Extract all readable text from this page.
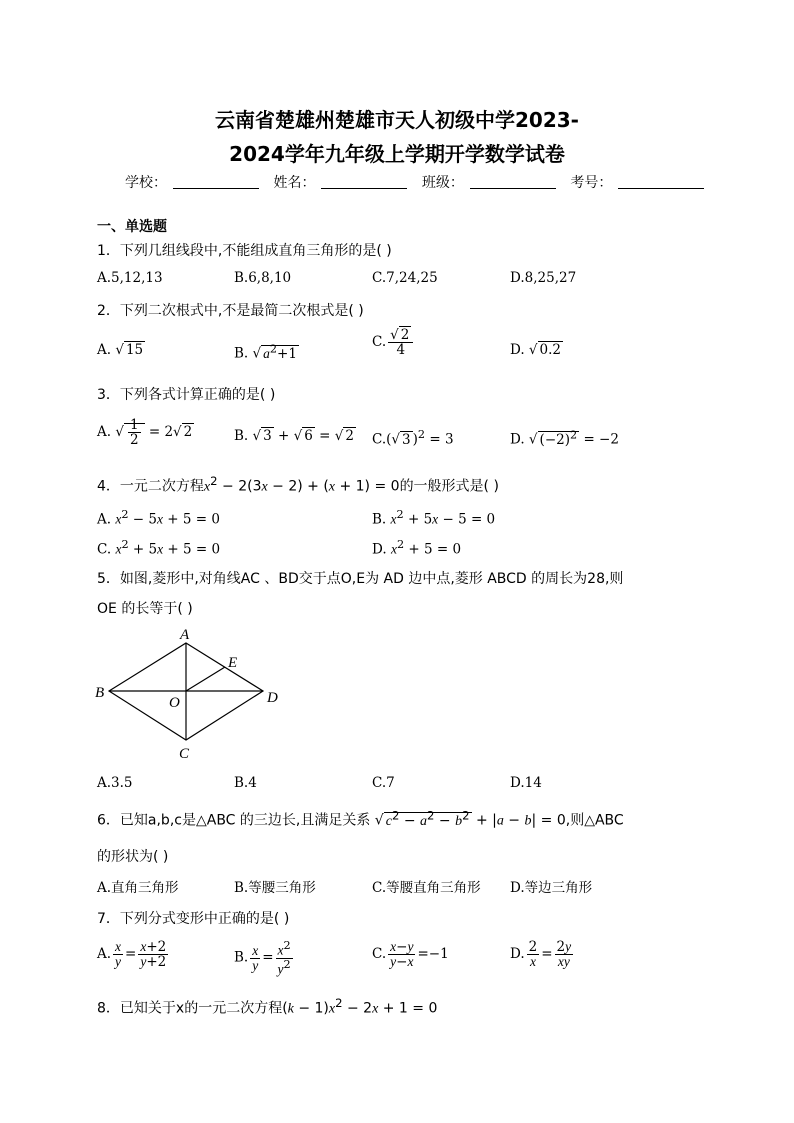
云南省楚雄州楚雄市天人初级中学2023-
2024学年九年级上学期开学数学试卷
学校：	姓名：	班级：	考号：
一、单选题
1．下列几组线段中,不能组成直角三角形的是( )
A.5,12,13	B.6,8,10	C.7,24,25	D.8,25,27
2．下列二次根式中,不是最简二次根式是( )
A. √ 15	B. √ $a^2+1$
C. $\frac{√ 2}{4}$	D. √ 0.2
3．下列各式计算正确的是( )
A. √ $\frac{1}{2} = 2√$ 2	B. √ 3 + √ 6 = √ 2 C.(√ 3 )$^2$ = 3	D. √ $(-2)^2 = -2$
4．一元二次方程$x^2 - 2(3x - 2) + (x + 1) = 0$的一般形式是( )
A. $x^2 - 5x + 5 = 0$	B. $x^2 + 5x - 5 = 0$
C. $x^2 + 5x + 5 = 0$	D. $x^2 + 5 = 0$
5．如图,菱形中,对角线AC 、BD交于点O,E为 AD 边中点,菱形 ABCD 的周长为28,则
OE 的长等于( )
A
B
C
D
E
O
A.3.5	B.4	C.7	D.14
6．已知a,b,c是△ABC 的三边长,且满足关系 √ $c^2 - a^2 - b^2 + |a - b| = 0$,则△ABC
的形状为( )
A.直角三角形	B.等腰三角形	C.等腰直角三角形 D.等边三角形
7．下列分式变形中正确的是( )
A. $\frac{x}{y} = \frac{x+2}{y+2}$	B. $\frac{x}{y} = \frac{x^2}{y^2}$	C. $\frac{x-y}{y-x} =-1$	D. $\frac{2}{x} = \frac{2y}{xy}$
8．已知关于x的一元二次方程$(k - 1)x^2 - 2x + 1 = 0$
